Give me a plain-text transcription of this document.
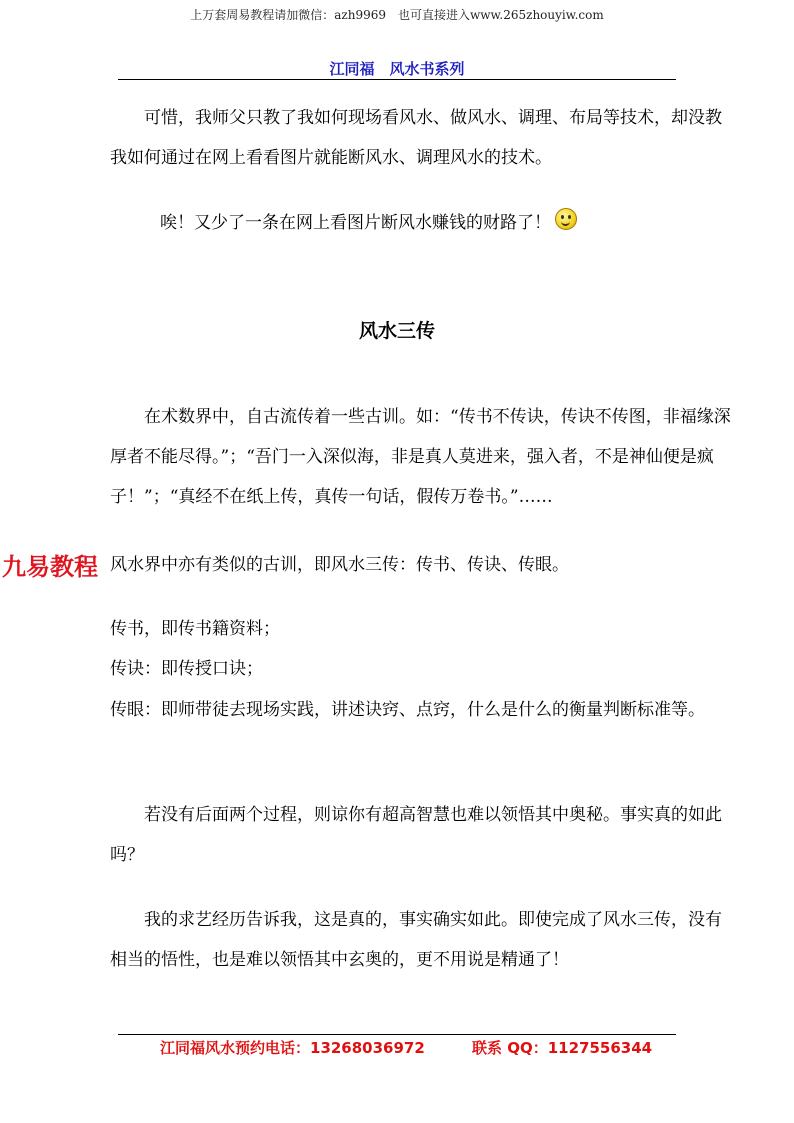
上万套周易教程请加微信：azh9969　也可直接进入www.265zhouyiw.com
江同福　风水书系列
可惜，我师父只教了我如何现场看风水、做风水、调理、布局等技术，却没教我如何通过在网上看看图片就能断风水、调理风水的技术。
唉！又少了一条在网上看图片断风水赚钱的财路了！
风水三传
在术数界中，自古流传着一些古训。如：“传书不传诀，传诀不传图，非福缘深厚者不能尽得。”；“吾门一入深似海，非是真人莫进来，强入者，不是神仙便是疯子！”；“真经不在纸上传，真传一句话，假传万卷书。”……
九易教程 风水界中亦有类似的古训，即风水三传：传书、传诀、传眼。
传书，即传书籍资料；
传诀：即传授口诀；
传眼：即师带徒去现场实践，讲述诀窍、点窍，什么是什么的衡量判断标准等。
若没有后面两个过程，则谅你有超高智慧也难以领悟其中奥秘。事实真的如此吗？
我的求艺经历告诉我，这是真的，事实确实如此。即使完成了风水三传，没有相当的悟性，也是难以领悟其中玄奥的，更不用说是精通了！
江同福风水预约电话：13268036972	联系 QQ：1127556344
